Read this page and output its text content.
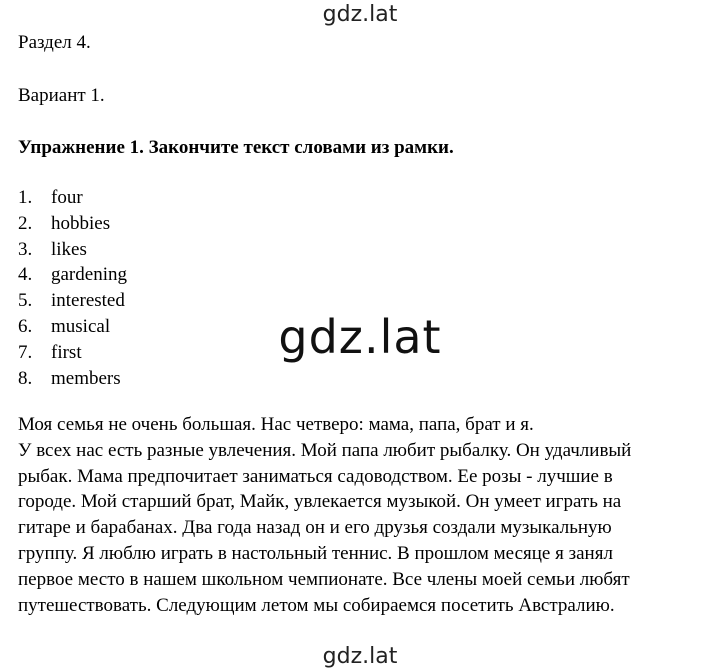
gdz.lat
Раздел 4.
Вариант 1.
Упражнение 1. Закончите текст словами из рамки.
1. four
2. hobbies
3. likes
4. gardening
5. interested
6. musical
7. first
8. members
gdz.lat
Моя семья не очень большая. Нас четверо: мама, папа, брат и я.
У всех нас есть разные увлечения. Мой папа любит рыбалку. Он удачливый
рыбак. Мама предпочитает заниматься садоводством. Ее розы - лучшие в
городе. Мой старший брат, Майк, увлекается музыкой. Он умеет играть на
гитаре и барабанах. Два года назад он и его друзья создали музыкальную
группу. Я люблю играть в настольный теннис. В прошлом месяце я занял
первое место в нашем школьном чемпионате. Все члены моей семьи любят
путешествовать. Следующим летом мы собираемся посетить Австралию.
gdz.lat
